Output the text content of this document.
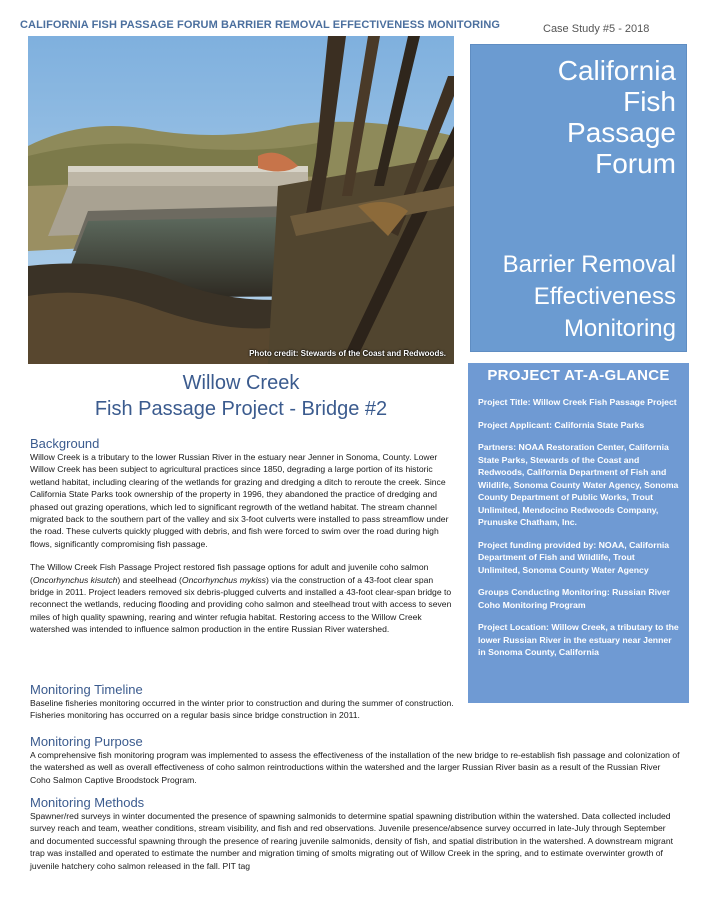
CALIFORNIA FISH PASSAGE FORUM BARRIER REMOVAL EFFECTIVENESS MONITORING	Case Study #5 - 2018
Photo credit: Stewards of the Coast and Redwoods.
California
Fish
Passage
Forum
Barrier Removal
Effectiveness
Monitoring
Willow Creek
Fish Passage Project - Bridge #2
PROJECT AT-A-GLANCE

Project Title: Willow Creek Fish Passage Project

Project Applicant: California State Parks

Partners: NOAA Restoration Center, California State Parks, Stewards of the Coast and Redwoods, California Department of Fish and Wildlife, Sonoma County Water Agency, Sonoma County Department of Public Works, Trout Unlimited, Mendocino Redwoods Company, Prunuske Chatham, Inc.

Project funding provided by: NOAA, California Department of Fish and Wildlife, Trout Unlimited, Sonoma County Water Agency

Groups Conducting Monitoring: Russian River Coho Monitoring Program

Project Location: Willow Creek, a tributary to the lower Russian River in the estuary near Jenner in Sonoma County, California

Background

Willow Creek is a tributary to the lower Russian River in the estuary near Jenner in Sonoma, County. Lower Willow Creek has been subject to agricultural practices since 1850, degrading a large portion of its historic wetland habitat, including clearing of the wetlands for grazing and dredging a ditch to reroute the creek. Since California State Parks took ownership of the property in 1996, they abandoned the practice of dredging and phased out grazing operations, which led to significant regrowth of the wetland habitat. The stream channel migrated back to the southern part of the valley and six 3-foot culverts were installed to pass streamflow under the road. These culverts quickly plugged with debris, and fish were forced to swim over the road during high flows, significantly compromising fish passage.

The Willow Creek Fish Passage Project restored fish passage options for adult and juvenile coho salmon (Oncorhynchus kisutch) and steelhead (Oncorhynchus mykiss) via the construction of a 43-foot clear span bridge in 2011. Project leaders removed six debris-plugged culverts and installed a 43-foot clear-span bridge to reconnect the wetlands, reducing flooding and providing coho salmon and steelhead trout with access to seven miles of high quality spawning, rearing and winter refugia habitat. Restoring access to the Willow Creek watershed was intended to influence salmon production in the entire Russian River watershed.

Monitoring Timeline

Baseline fisheries monitoring occurred in the winter prior to construction and during the summer of construction. Fisheries monitoring has occurred on a regular basis since bridge construction in 2011.

Monitoring Purpose

A comprehensive fish monitoring program was implemented to assess the effectiveness of the installation of the new bridge to re-establish fish passage and colonization of the watershed as well as overall effectiveness of coho salmon reintroductions within the watershed and the larger Russian River basin as a result of the Russian River Coho Salmon Captive Broodstock Program.

Monitoring Methods

Spawner/red surveys in winter documented the presence of spawning salmonids to determine spatial spawning distribution within the watershed. Data collected included survey reach and team, weather conditions, stream visibility, and fish and red observations. Juvenile presence/absence survey occurred in late-July through September and documented successful spawning through the presence of rearing juvenile salmonids, density of fish, and spatial distribution in the watershed. A downstream migrant trap was installed and operated to estimate the number and migration timing of smolts migrating out of Willow Creek in the spring, and to estimate overwinter growth of juvenile hatchery coho salmon released in the fall. PIT tag
